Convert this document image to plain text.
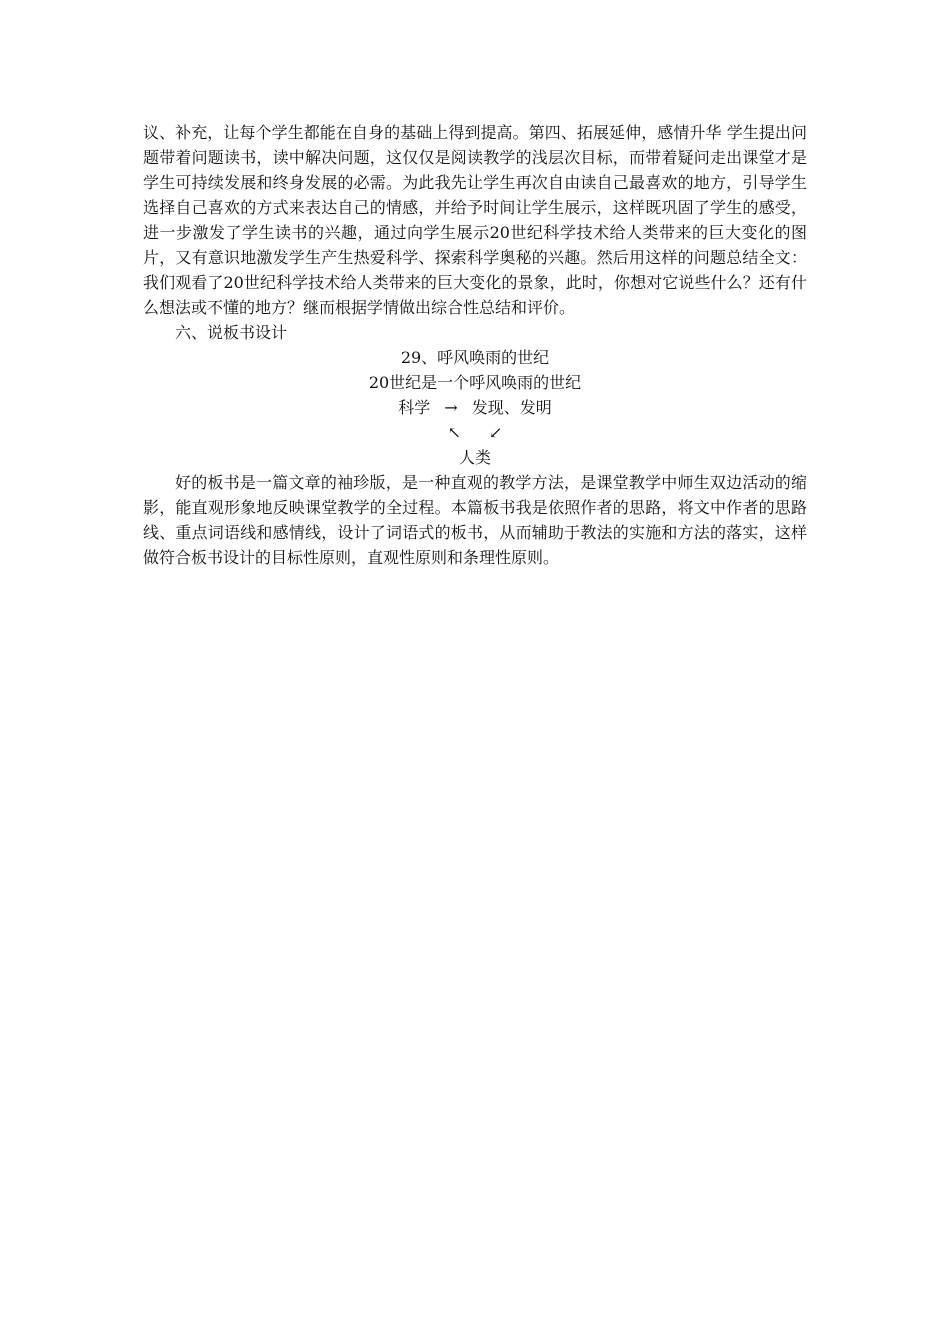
议、补充，让每个学生都能在自身的基础上得到提高。第四、拓展延伸，感情升华 学生提出问题带着问题读书，读中解决问题，这仅仅是阅读教学的浅层次目标，而带着疑问走出课堂才是学生可持续发展和终身发展的必需。为此我先让学生再次自由读自己最喜欢的地方，引导学生选择自己喜欢的方式来表达自己的情感，并给予时间让学生展示，这样既巩固了学生的感受，进一步激发了学生读书的兴趣，通过向学生展示20世纪科学技术给人类带来的巨大变化的图片，又有意识地激发学生产生热爱科学、探索科学奥秘的兴趣。然后用这样的问题总结全文：我们观看了20世纪科学技术给人类带来的巨大变化的景象，此时，你想对它说些什么？还有什么想法或不懂的地方？继而根据学情做出综合性总结和评价。

六、说板书设计

29、呼风唤雨的世纪
20世纪是一个呼风唤雨的世纪
科学 → 发现、发明
↖ ↙
人类

好的板书是一篇文章的袖珍版，是一种直观的教学方法，是课堂教学中师生双边活动的缩影，能直观形象地反映课堂教学的全过程。本篇板书我是依照作者的思路，将文中作者的思路线、重点词语线和感情线，设计了词语式的板书，从而辅助于教法的实施和方法的落实，这样做符合板书设计的目标性原则，直观性原则和条理性原则。
